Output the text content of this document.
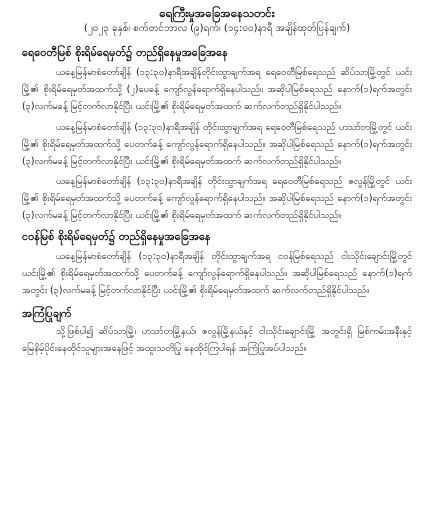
ရေကြီးမှုအခြေအနေသတင်း
(၂၀၂၃ ခုနှစ်၊ စက်တင်ဘာလ (၉)ရက်၊ (၁၄:၀၀)နာရီ အချိန်ထုတ်ပြန်ချက်)
ရေဝေတီမြစ် စိုးရိမ်ရေမှတ်၌ တည်ရှိနေမှုအခြေအနေ

ယနေ့မြန်မာစံတော်ချိန် (၁၃:၃၀)နာရီအချိန်တိုင်းထွာချက်အရ ရေဝေတီမြစ်ရေသည် ဆိပ်သာမြို့တွင် ယင်းမြို့၏ စိုးရိမ်ရေမှတ်အထက်သို့ (၂)ပေခန့် ကျော်လွန်ရောက်ရှိနေပါသည်။ အဆိုပါမြစ်ရေသည် နောက်(၁)ရက်အတွင်း (၃)လက်မခန့် မြင့်တက်လာနိုင်ပြီး ယင်းမြို့၏ စိုးရိမ်ရေမှတ်အထက် ဆက်လက်တည်ရှိနိုင်ပါသည်။

ယနေ့မြန်မာစံတော်ချိန် (၁၃:၃၀)နာရီအချိန် တိုင်းထွာချက်အရ ရေဝေတီမြစ်ရေသည် ဟသာ်တမြို့တွင် ယင်းမြို့၏ စိုးရိမ်ရေမှတ်အထက်သို့ ပေတက်ခန့် ကျော်လွန်ရောက်ရှိနေပါသည်။ အဆိုပါမြစ်ရေသည် နောက်(၁)ရက်အတွင်း (၃)လက်မခန့် မြင့်တက်လာနိုင်ပြီး ယင်းမြို့၏ စိုးရိမ်ရေမှတ်အထက် ဆက်လက်တည်ရှိနိုင်ပါသည်။

ယနေ့မြန်မာစံတော်ချိန် (၁၃:၃၀)နာရီအချိန် တိုင်းထွာချက်အရ ရေဝေတီမြစ်ရေသည် ဇလွန်မြို့တွင် ယင်းမြို့၏ စိုးရိမ်ရေမှတ်အထက်သို့ ပေတက်ခန့် ကျော်လွန်ရောက်ရှိနေပါသည်။ အဆိုပါမြစ်ရေသည် နောက်(၁)ရက်အတွင်း (၃)လက်မခန့် မြင့်တက်လာနိုင်ပြီး ယင်းမြို့၏ စိုးရိမ်ရေမှတ်အထက် ဆက်လက်တည်ရှိနိုင်ပါသည်။

ငဝန်မြစ် စိုးရိမ်ရေမှတ်၌ တည်ရှိနေမှုအခြေအနေ

ယနေ့မြန်မာစံတော်ချိန် (၁၃:၃၀)နာရီအချိန် တိုင်းထွာချက်အရ ငဝန်မြစ်ရေသည် ငါးသိုင်းချောင်းမြို့တွင် ယင်းမြို့၏ စိုးရိမ်ရေမှတ်အထက်သို့ ပေတက်ခန့် ကျော်လွန်ရောက်ရှိနေပါသည်။ အဆိုပါမြစ်ရေသည် နောက်(၁)ရက်အတွင်း (၃)လက်မခန့် မြင့်တက်လာနိုင်ပြီး ယင်းမြို့၏ စိုးရိမ်ရေမှတ်အထက် ဆက်လက်တည်ရှိနိုင်ပါသည်။

အကြံပြုချက်

သို့ဖြစ်ပါ၍ ဆိပ်သာမြို့၊ ဟသာ်တမြို့နယ်၊ ဇလွန်မြို့နယ်နှင့် ငါးသိုင်းချောင်းမြို့ အတွင်းရှိ မြစ်ကမ်းအနီးနှင့် မြေနိမ့်ပိုင်းနေထိုင်သူများအနေဖြင့် အထူးသတိပြု နေထိုင်ကြပါရန် အကြံပြုအပ်ပါသည်။
